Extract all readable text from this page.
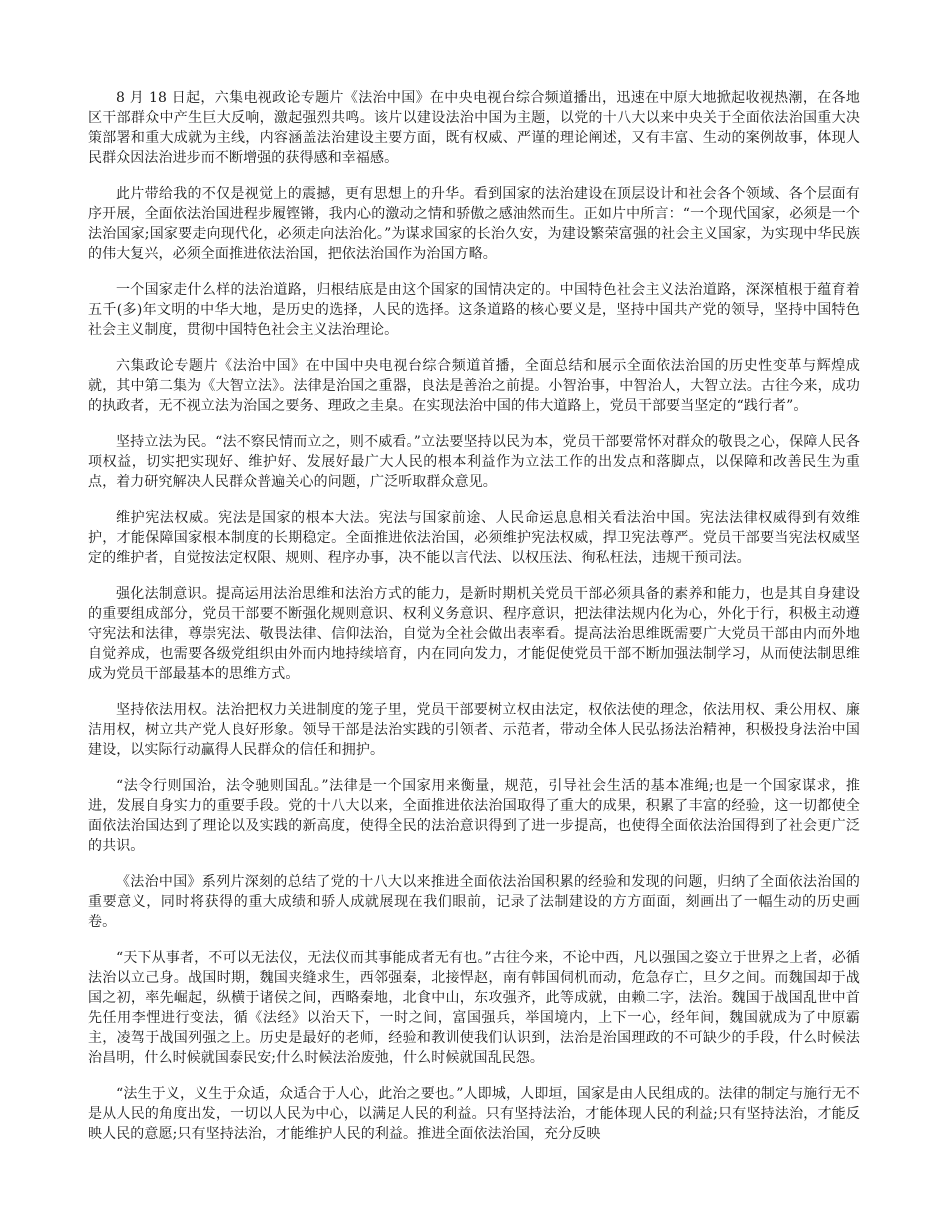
8 月 18 日起，六集电视政论专题片《法治中国》在中央电视台综合频道播出，迅速在中原大地掀起收视热潮，在各地区干部群众中产生巨大反响，激起强烈共鸣。该片以建设法治中国为主题，以党的十八大以来中央关于全面依法治国重大决策部署和重大成就为主线，内容涵盖法治建设主要方面，既有权威、严谨的理论阐述，又有丰富、生动的案例故事，体现人民群众因法治进步而不断增强的获得感和幸福感。

此片带给我的不仅是视觉上的震撼，更有思想上的升华。看到国家的法治建设在顶层设计和社会各个领域、各个层面有序开展，全面依法治国进程步履铿锵，我内心的激动之情和骄傲之感油然而生。正如片中所言：“一个现代国家，必须是一个法治国家;国家要走向现代化，必须走向法治化。”为谋求国家的长治久安，为建设繁荣富强的社会主义国家，为实现中华民族的伟大复兴，必须全面推进依法治国，把依法治国作为治国方略。

一个国家走什么样的法治道路，归根结底是由这个国家的国情决定的。中国特色社会主义法治道路，深深植根于蕴育着五千(多)年文明的中华大地，是历史的选择，人民的选择。这条道路的核心要义是，坚持中国共产党的领导，坚持中国特色社会主义制度，贯彻中国特色社会主义法治理论。

六集政论专题片《法治中国》在中国中央电视台综合频道首播，全面总结和展示全面依法治国的历史性变革与辉煌成就，其中第二集为《大智立法》。法律是治国之重器，良法是善治之前提。小智治事，中智治人，大智立法。古往今来，成功的执政者，无不视立法为治国之要务、理政之圭臬。在实现法治中国的伟大道路上，党员干部要当坚定的“践行者”。

坚持立法为民。“法不察民情而立之，则不威看。”立法要坚持以民为本，党员干部要常怀对群众的敬畏之心，保障人民各项权益，切实把实现好、维护好、发展好最广大人民的根本利益作为立法工作的出发点和落脚点，以保障和改善民生为重点，着力研究解决人民群众普遍关心的问题，广泛听取群众意见。

维护宪法权威。宪法是国家的根本大法。宪法与国家前途、人民命运息息相关看法治中国。宪法法律权威得到有效维护，才能保障国家根本制度的长期稳定。全面推进依法治国，必须维护宪法权威，捍卫宪法尊严。党员干部要当宪法权威坚定的维护者，自觉按法定权限、规则、程序办事，决不能以言代法、以权压法、徇私枉法，违规干预司法。

强化法制意识。提高运用法治思维和法治方式的能力，是新时期机关党员干部必须具备的素养和能力，也是其自身建设的重要组成部分，党员干部要不断强化规则意识、权利义务意识、程序意识，把法律法规内化为心，外化于行，积极主动遵守宪法和法律，尊崇宪法、敬畏法律、信仰法治，自觉为全社会做出表率看。提高法治思维既需要广大党员干部由内而外地自觉养成，也需要各级党组织由外而内地持续培育，内在同向发力，才能促使党员干部不断加强法制学习，从而使法制思维成为党员干部最基本的思维方式。

坚持依法用权。法治把权力关进制度的笼子里，党员干部要树立权由法定，权依法使的理念，依法用权、秉公用权、廉洁用权，树立共产党人良好形象。领导干部是法治实践的引领者、示范者，带动全体人民弘扬法治精神，积极投身法治中国建设，以实际行动赢得人民群众的信任和拥护。

“法令行则国治，法令驰则国乱。”法律是一个国家用来衡量，规范，引导社会生活的基本准绳;也是一个国家谋求，推进，发展自身实力的重要手段。党的十八大以来，全面推进依法治国取得了重大的成果，积累了丰富的经验，这一切都使全面依法治国达到了理论以及实践的新高度，使得全民的法治意识得到了进一步提高，也使得全面依法治国得到了社会更广泛的共识。

《法治中国》系列片深刻的总结了党的十八大以来推进全面依法治国积累的经验和发现的问题，归纳了全面依法治国的重要意义，同时将获得的重大成绩和骄人成就展现在我们眼前，记录了法制建设的方方面面，刻画出了一幅生动的历史画卷。

“天下从事者，不可以无法仪，无法仪而其事能成者无有也。”古往今来，不论中西，凡以强国之姿立于世界之上者，必循法治以立己身。战国时期，魏国夹缝求生，西邻强秦，北接悍赵，南有韩国伺机而动，危急存亡，旦夕之间。而魏国却于战国之初，率先崛起，纵横于诸侯之间，西略秦地，北食中山，东攻强齐，此等成就，由赖二字，法治。魏国于战国乱世中首先任用李悝进行变法，循《法经》以治天下，一时之间，富国强兵，举国境内，上下一心，经年间，魏国就成为了中原霸主，凌驾于战国列强之上。历史是最好的老师，经验和教训使我们认识到，法治是治国理政的不可缺少的手段，什么时候法治昌明，什么时候就国泰民安;什么时候法治废弛，什么时候就国乱民怨。

“法生于义，义生于众适，众适合于人心，此治之要也。”人即城，人即垣，国家是由人民组成的。法律的制定与施行无不是从人民的角度出发，一切以人民为中心，以满足人民的利益。只有坚持法治，才能体现人民的利益;只有坚持法治，才能反映人民的意愿;只有坚持法治，才能维护人民的利益。推进全面依法治国，充分反映
